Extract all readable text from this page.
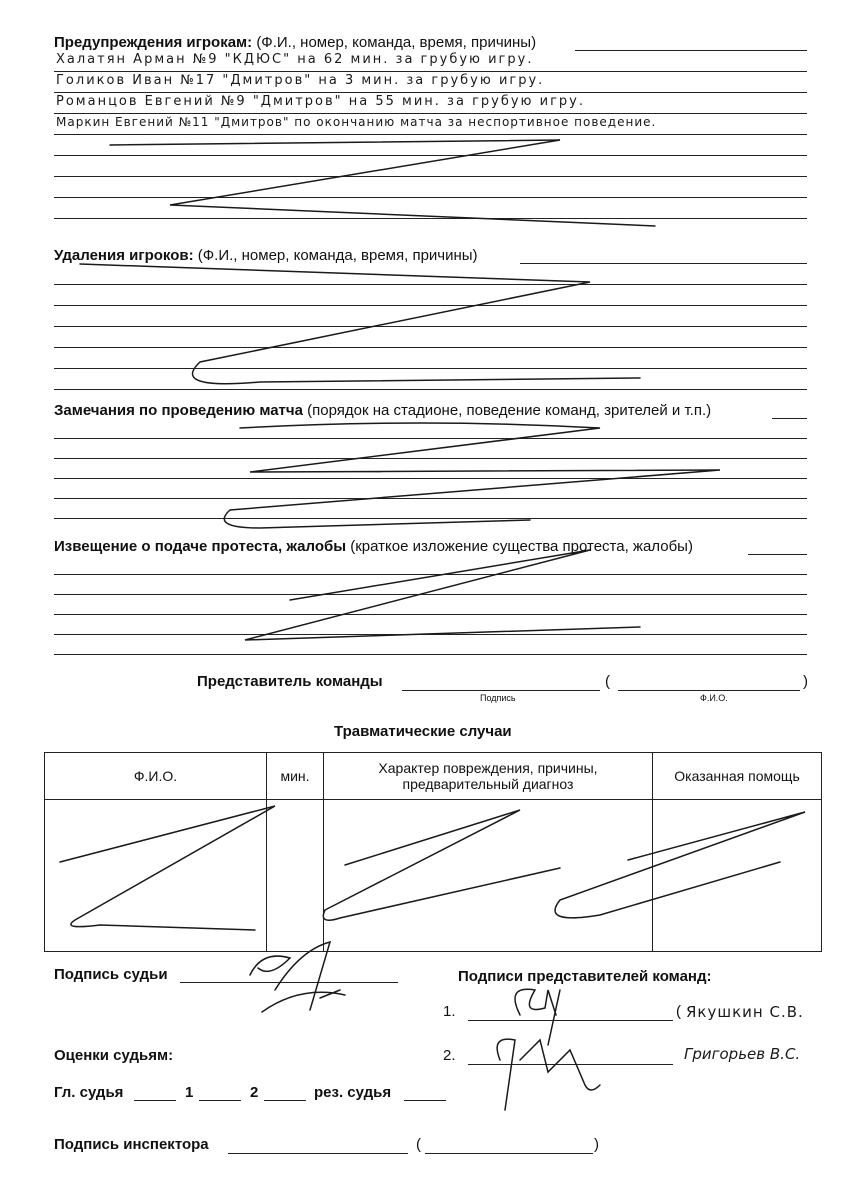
Предупреждения игрокам: (Ф.И., номер, команда, время, причины)
Халатян Арман №9 "КДЮС" на 62 мин. за грубую игру.
Голиков Иван №17 "Дмитров" на 3 мин. за грубую игру.
Романцов Евгений №9 "Дмитров" на 55 мин. за грубую игру.
Маркин Евгений №11 "Дмитров" по окончанию матча за неспортивное поведение.
Удаления игроков: (Ф.И., номер, команда, время, причины)
Замечания по проведению матча (порядок на стадионе, поведение команд, зрителей и т.п.)
Извещение о подаче протеста, жалобы (краткое изложение существа протеста, жалобы)
Представитель команды	(	)
Подпись	Ф.И.О.
Травматические случаи
Ф.И.О.	мин.	Характер повреждения, причины, предварительный диагноз	Оказанная помощь

Подпись судьи	Подписи представителей команд:
1.	( Якушкин С.В.
2.	Григорьев В.С.
Оценки судьям:
Гл. судья	1	2	рез. судья
Подпись инспектора	(	)
